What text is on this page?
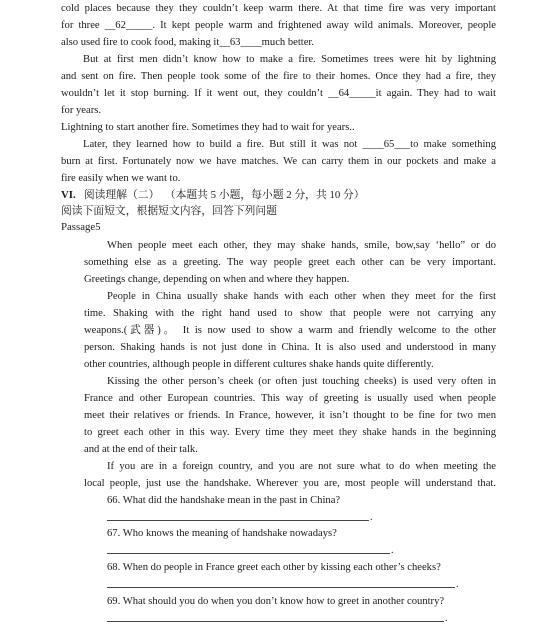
cold places because they they couldn’t keep warm there. At that time fire was very important
for three __62_____. It kept people warm and frightened away wild animals. Moreover, people
also used fire to cook food, making it__63____much better.
But at first men didn’t know how to make a fire. Sometimes trees were hit by lightning
and sent on fire. Then people took some of the fire to their homes. Once they had a fire, they
wouldn’t let it stop burning. If it went out, they couldn’t __64_____it again. They had to wait
for years.
Lightning to start another fire. Sometimes they had to wait for years..
Later, they learned how to build a fire. But still it was not ____65___to make something
burn at first. Fortunately now we have matches. We can carry them in our pockets and make a
fire easily when we want to.
VI. 阅读理解（二） （本题共 5 小题，每小题 2 分，共 10 分）
阅读下面短文，根据短文内容，回答下列问题
Passage5
When people meet each other, they may shake hands, smile, bow,say ‘hello” or do
something else as a greeting. The way people greet each other can be very important.
Greetings change, depending on when and where they happen.
People in China usually shake hands with each other when they meet for the first
time. Shaking with the right hand used to show that people were not carrying any
weapons.(武器)。 It is now used to show a warm and friendly welcome to the other
person. Shaking hands is not just done in China. It is also used and understood in many
other countries, although people in different cultures shake hands quite differently.
Kissing the other person’s cheek (or often just touching cheeks) is used very often in
France and other European countries. This way of greeting is usually used when people
meet their relatives or friends. In France, however, it isn’t thought to be fine for two men
to greet each other in this way. Every time they meet they shake hands in the beginning
and at the end of their talk.
If you are in a foreign country, and you are not sure what to do when meeting the
local people, just use the handshake. Wherever you are, most people will understand that.
66. What did the handshake mean in the past in China?
.
67. Who knows the meaning of handshake nowadays?
.
68. When do people in France greet each other by kissing each other’s cheeks?
.
69. What should you do when you don’t know how to greet in another country?
.
